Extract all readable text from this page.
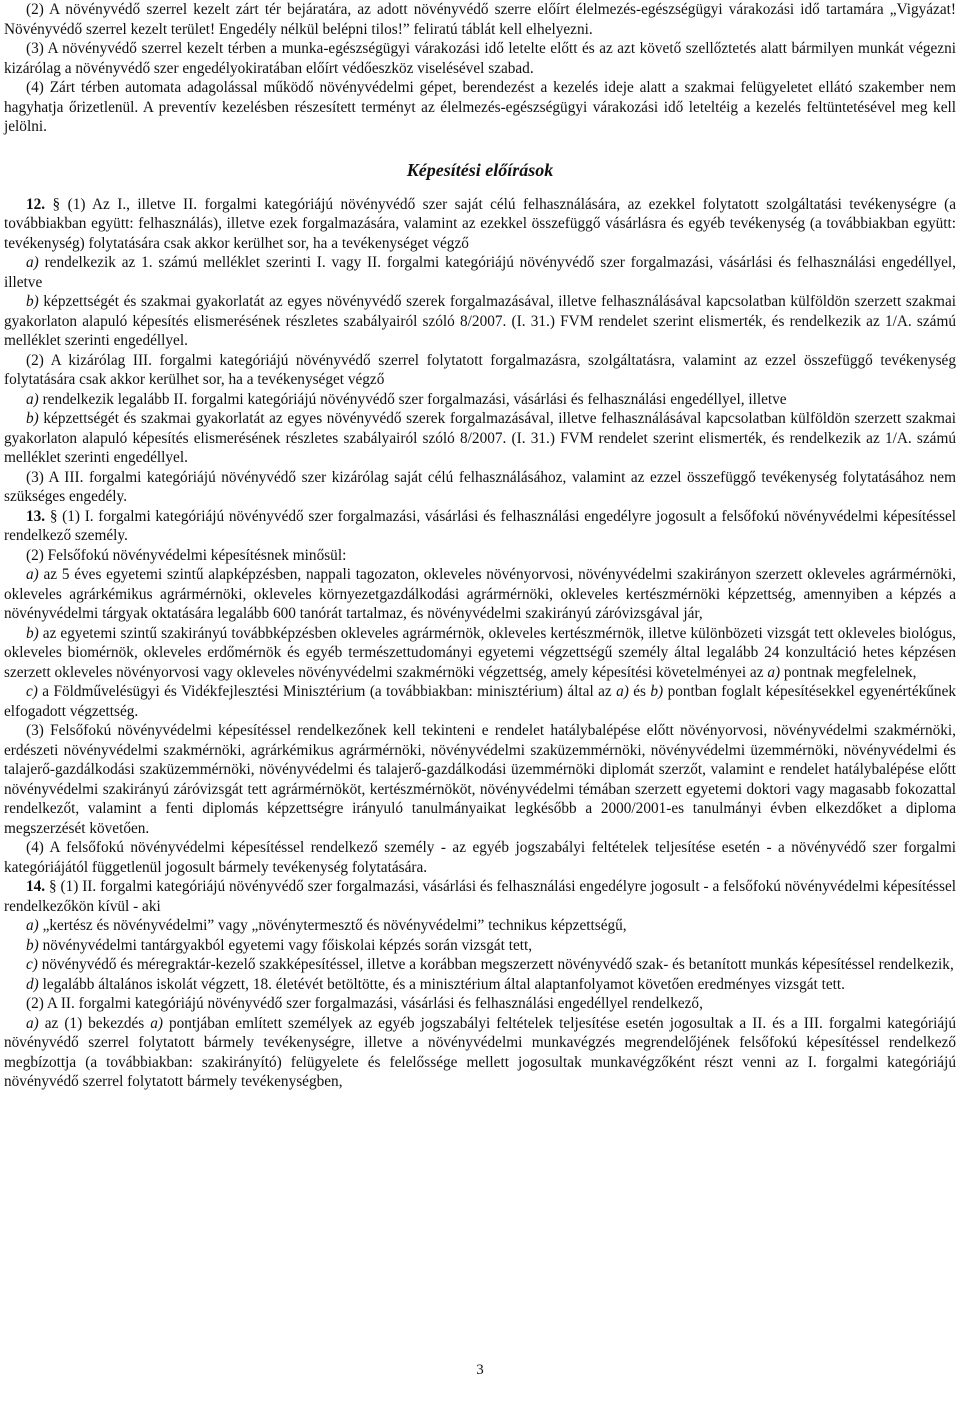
(2) A növényvédő szerrel kezelt zárt tér bejáratára, az adott növényvédő szerre előírt élelmezés-egészségügyi várakozási idő tartamára „Vigyázat! Növényvédő szerrel kezelt terület! Engedély nélkül belépni tilos!” feliratú táblát kell elhelyezni.

(3) A növényvédő szerrel kezelt térben a munka-egészségügyi várakozási idő letelte előtt és az azt követő szellőztetés alatt bármilyen munkát végezni kizárólag a növényvédő szer engedélyokiratában előírt védőeszköz viselésével szabad.

(4) Zárt térben automata adagolással működő növényvédelmi gépet, berendezést a kezelés ideje alatt a szakmai felügyeletet ellátó szakember nem hagyhatja őrizetlenül. A preventív kezelésben részesített terményt az élelmezés-egészségügyi várakozási idő leteltéig a kezelés feltüntetésével meg kell jelölni.

Képesítési előírások

12. § (1) Az I., illetve II. forgalmi kategóriájú növényvédő szer saját célú felhasználására, az ezekkel folytatott szolgáltatási tevékenységre (a továbbiakban együtt: felhasználás), illetve ezek forgalmazására, valamint az ezekkel összefüggő vásárlásra és egyéb tevékenység (a továbbiakban együtt: tevékenység) folytatására csak akkor kerülhet sor, ha a tevékenységet végző

a) rendelkezik az 1. számú melléklet szerinti I. vagy II. forgalmi kategóriájú növényvédő szer forgalmazási, vásárlási és felhasználási engedéllyel, illetve

b) képzettségét és szakmai gyakorlatát az egyes növényvédő szerek forgalmazásával, illetve felhasználásával kapcsolatban külföldön szerzett szakmai gyakorlaton alapuló képesítés elismerésének részletes szabályairól szóló 8/2007. (I. 31.) FVM rendelet szerint elismerték, és rendelkezik az 1/A. számú melléklet szerinti engedéllyel.

(2) A kizárólag III. forgalmi kategóriájú növényvédő szerrel folytatott forgalmazásra, szolgáltatásra, valamint az ezzel összefüggő tevékenység folytatására csak akkor kerülhet sor, ha a tevékenységet végző

a) rendelkezik legalább II. forgalmi kategóriájú növényvédő szer forgalmazási, vásárlási és felhasználási engedéllyel, illetve

b) képzettségét és szakmai gyakorlatát az egyes növényvédő szerek forgalmazásával, illetve felhasználásával kapcsolatban külföldön szerzett szakmai gyakorlaton alapuló képesítés elismerésének részletes szabályairól szóló 8/2007. (I. 31.) FVM rendelet szerint elismerték, és rendelkezik az 1/A. számú melléklet szerinti engedéllyel.

(3) A III. forgalmi kategóriájú növényvédő szer kizárólag saját célú felhasználásához, valamint az ezzel összefüggő tevékenység folytatásához nem szükséges engedély.

13. § (1) I. forgalmi kategóriájú növényvédő szer forgalmazási, vásárlási és felhasználási engedélyre jogosult a felsőfokú növényvédelmi képesítéssel rendelkező személy.

(2) Felsőfokú növényvédelmi képesítésnek minősül:

a) az 5 éves egyetemi szintű alapképzésben, nappali tagozaton, okleveles növényorvosi, növényvédelmi szakirányon szerzett okleveles agrármérnöki, okleveles agrárkémikus agrármérnöki, okleveles környezetgazdálkodási agrármérnöki, okleveles kertészmérnöki képzettség, amennyiben a képzés a növényvédelmi tárgyak oktatására legalább 600 tanórát tartalmaz, és növényvédelmi szakirányú záróvizsgával jár,

b) az egyetemi szintű szakirányú továbbképzésben okleveles agrármérnök, okleveles kertészmérnök, illetve különbözeti vizsgát tett okleveles biológus, okleveles biomérnök, okleveles erdőmérnök és egyéb természettudományi egyetemi végzettségű személy által legalább 24 konzultáció hetes képzésen szerzett okleveles növényorvosi vagy okleveles növényvédelmi szakmérnöki végzettség, amely képesítési követelményei az a) pontnak megfelelnek,

c) a Földművelésügyi és Vidékfejlesztési Minisztérium (a továbbiakban: minisztérium) által az a) és b) pontban foglalt képesítésekkel egyenértékűnek elfogadott végzettség.

(3) Felsőfokú növényvédelmi képesítéssel rendelkezőnek kell tekinteni e rendelet hatálybalépése előtt növényorvosi, növényvédelmi szakmérnöki, erdészeti növényvédelmi szakmérnöki, agrárkémikus agrármérnöki, növényvédelmi szaküzemmérnöki, növényvédelmi üzemmérnöki, növényvédelmi és talajerő-gazdálkodási szaküzemmérnöki, növényvédelmi és talajerő-gazdálkodási üzemmérnöki diplomát szerzőt, valamint e rendelet hatálybalépése előtt növényvédelmi szakirányú záróvizsgát tett agrármérnököt, kertészmérnököt, növényvédelmi témában szerzett egyetemi doktori vagy magasabb fokozattal rendelkezőt, valamint a fenti diplomás képzettségre irányuló tanulmányaikat legkésőbb a 2000/2001-es tanulmányi évben elkezdőket a diploma megszerzését követően.

(4) A felsőfokú növényvédelmi képesítéssel rendelkező személy - az egyéb jogszabályi feltételek teljesítése esetén - a növényvédő szer forgalmi kategóriájától függetlenül jogosult bármely tevékenység folytatására.

14. § (1) II. forgalmi kategóriájú növényvédő szer forgalmazási, vásárlási és felhasználási engedélyre jogosult - a felsőfokú növényvédelmi képesítéssel rendelkezőkön kívül - aki

a) „kertész és növényvédelmi” vagy „növénytermesztő és növényvédelmi” technikus képzettségű,

b) növényvédelmi tantárgyakból egyetemi vagy főiskolai képzés során vizsgát tett,

c) növényvédő és méregraktár-kezelő szakképesítéssel, illetve a korábban megszerzett növényvédő szak- és betanított munkás képesítéssel rendelkezik,

d) legalább általános iskolát végzett, 18. életévét betöltötte, és a minisztérium által alaptanfolyamot követően eredményes vizsgát tett.

(2) A II. forgalmi kategóriájú növényvédő szer forgalmazási, vásárlási és felhasználási engedéllyel rendelkező,

a) az (1) bekezdés a) pontjában említett személyek az egyéb jogszabályi feltételek teljesítése esetén jogosultak a II. és a III. forgalmi kategóriájú növényvédő szerrel folytatott bármely tevékenységre, illetve a növényvédelmi munkavégzés megrendelőjének felsőfokú képesítéssel rendelkező megbízottja (a továbbiakban: szakirányító) felügyelete és felelőssége mellett jogosultak munkavégzőként részt venni az I. forgalmi kategóriájú növényvédő szerrel folytatott bármely tevékenységben,

3
